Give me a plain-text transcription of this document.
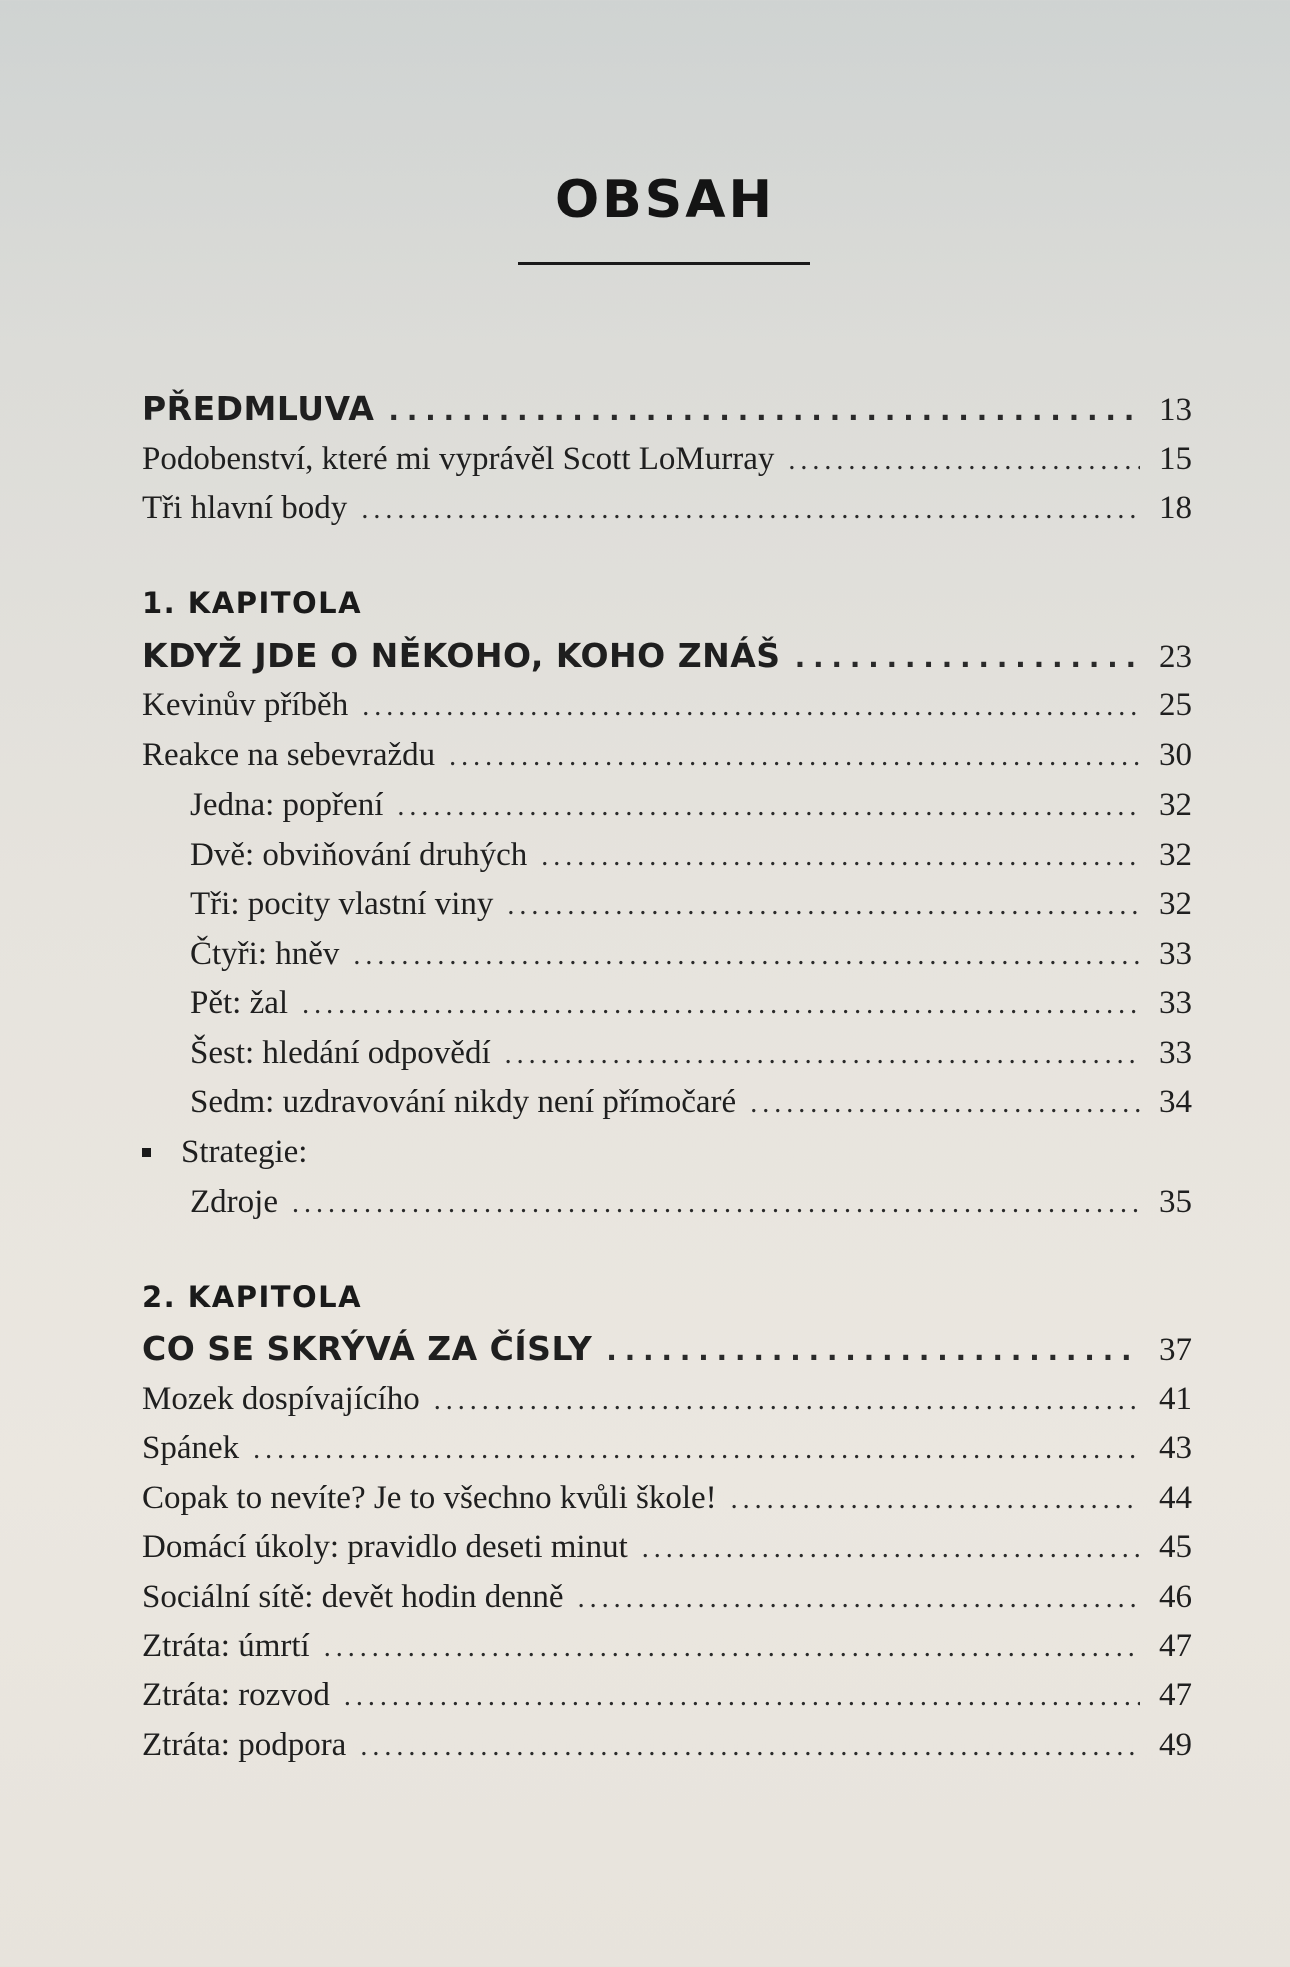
OBSAH
PŘEDMLUVA . . .	13
Podobenství, které mi vyprávěl Scott LoMurray . . .	15
Tři hlavní body . . .	18
1. KAPITOLA
KDYŽ JDE O NĚKOHO, KOHO ZNÁŠ . . .	23
Kevinův příběh . . .	25
Reakce na sebevraždu . . .	30
Jedna: popření . . .	32
Dvě: obviňování druhých . . .	32
Tři: pocity vlastní viny . . .	32
Čtyři: hněv . . .	33
Pět: žal . . .	33
Šest: hledání odpovědí . . .	33
Sedm: uzdravování nikdy není přímočaré . . .	34
Strategie:
Zdroje . . .	35
2. KAPITOLA
CO SE SKRÝVÁ ZA ČÍSLY . . .	37
Mozek dospívajícího . . .	41
Spánek . . .	43
Copak to nevíte? Je to všechno kvůli škole! . . .	44
Domácí úkoly: pravidlo deseti minut . . .	45
Sociální sítě: devět hodin denně . . .	46
Ztráta: úmrtí . . .	47
Ztráta: rozvod . . .	47
Ztráta: podpora . . .	49
